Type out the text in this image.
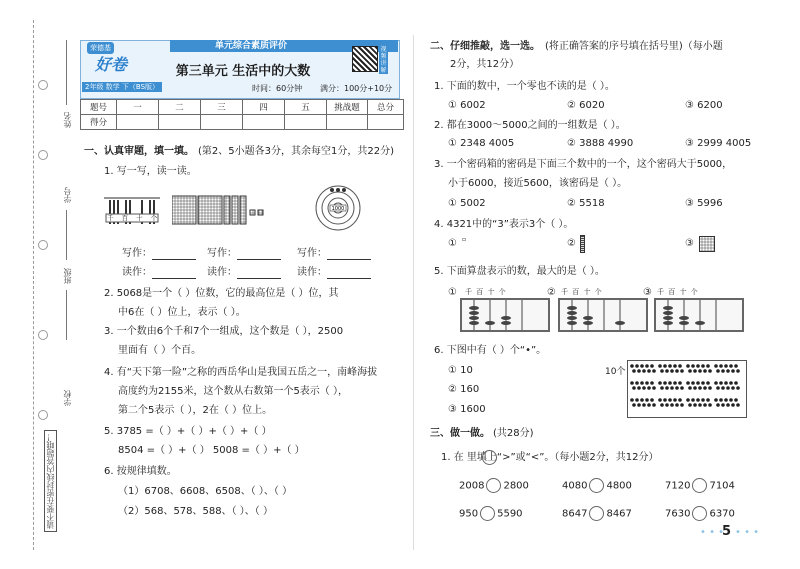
姓名
学号
班级
学校
请不要在密封线内答题哦！
单元综合素质评价
荣德基
好卷
2年级 数学 下（BS版）
第三单元 生活中的大数
视频讲解
时间：60分钟 满分：100分+10分
题号	一	二	三	四	五	挑战题	总分
得分							
一、认真审题，填一填。 (第2、5小题各3分，其余每空1分，共22分)
1. 写一写，读一读。
千 百 十 个
1000
写作：
读作：
写作：
读作：
写作：
读作：
2. 5068是一个（ ）位数，它的最高位是（ ）位，其
中6在（ ）位上，表示（ ）。
3. 一个数由6个千和7个一组成，这个数是（ ），2500
里面有（ ）个百。
4. 有“天下第一险”之称的西岳华山是我国五岳之一，南峰海拔
高度约为2155米，这个数从右数第一个5表示（ ），
第二个5表示（ ），2在（ ）位上。
5. 3785 =（ ）+（ ）+（ ）+（ ）
8504 =（ ）+（ ） 5008 =（ ）+（ ）
6. 按规律填数。
（1）6708、6608、6508、（ ）、（ ）
（2）568、578、588、（ ）、（ ）
二、仔细推敲，选一选。 (将正确答案的序号填在括号里)（每小题
2分，共12分）
1. 下面的数中，一个零也不读的是（ ）。
① 6002	② 6020	③ 6200
2. 都在3000～5000之间的一组数是（ ）。
① 2348 4005	② 3888 4990	③ 2999 4005
3. 一个密码箱的密码是下面三个数中的一个，这个密码大于5000，
小于6000，接近5600，该密码是（ ）。
① 5002	② 5518	③ 5996
4. 4321中的“3”表示3个（ ）。
① ▫	②	③
5. 下面算盘表示的数，最大的是（ ）。
①	②	③
千 百 十 个	千 百 十 个	千 百 十 个
6. 下图中有（ ）个“•”。
① 10
② 160
③ 1600
10个
三、做一做。 (共28分)
1. 在 里填上“>”或“<”。（每小题2分，共12分）
2008 2800	4080 4800	7120 7104
950 5590	8647 8467	7630 6370
• • •
5 • • •
